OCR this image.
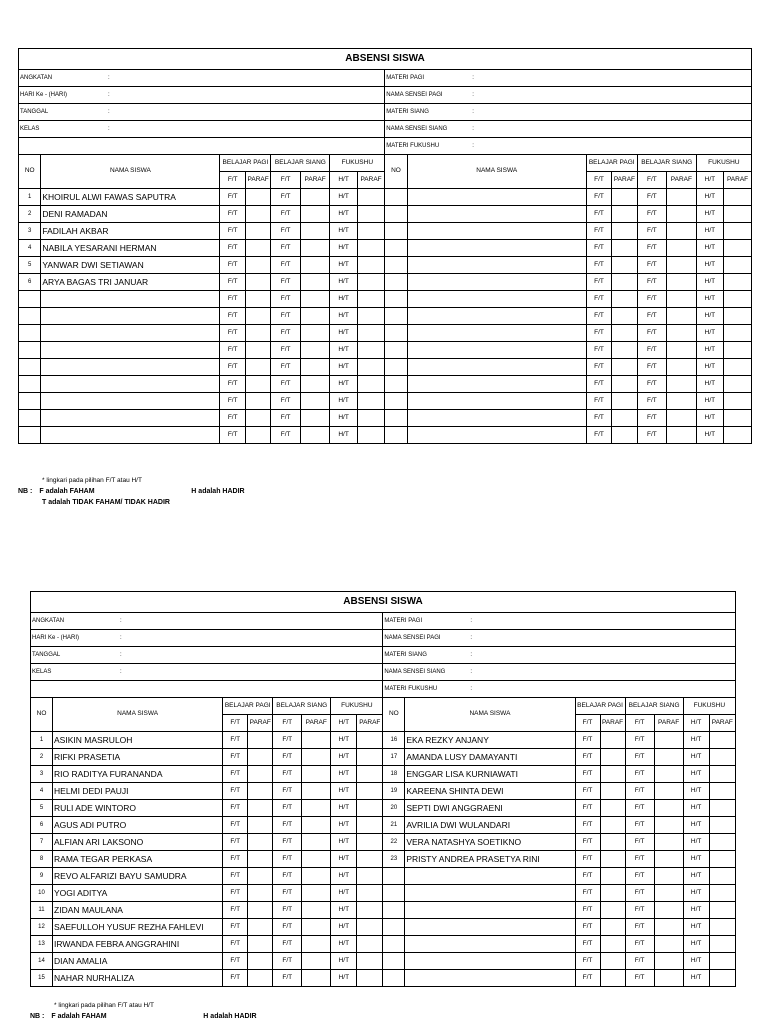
ABSENSI SISWA															
ANGKATAN :								MATERI PAGI :							
HARI Ke - (HARI) :								NAMA SENSEI PAGI :							
TANGGAL :								MATERI SIANG :							
KELAS :								NAMA SENSEI SIANG :							
								MATERI FUKUSHU :							
NO	NAMA SISWA	BELAJAR PAGI		BELAJAR SIANG		FUKUSHU		NO	NAMA SISWA	BELAJAR PAGI		BELAJAR SIANG		FUKUSHU	
		F/T	PARAF	F/T	PARAF	H/T	PARAF			F/T	PARAF	F/T	PARAF	H/T	PARAF
1	KHOIRUL ALWI FAWAS SAPUTRA	F/T		F/T		H/T				F/T		F/T		H/T	
2	DENI RAMADAN	F/T		F/T		H/T				F/T		F/T		H/T	
3	FADILAH AKBAR	F/T		F/T		H/T				F/T		F/T		H/T	
4	NABILA YESARANI HERMAN	F/T		F/T		H/T				F/T		F/T		H/T	
5	YANWAR DWI SETIAWAN	F/T		F/T		H/T				F/T		F/T		H/T	
6	ARYA BAGAS TRI JANUAR	F/T		F/T		H/T				F/T		F/T		H/T	
		F/T		F/T		H/T				F/T		F/T		H/T	
		F/T		F/T		H/T				F/T		F/T		H/T	
		F/T		F/T		H/T				F/T		F/T		H/T	
		F/T		F/T		H/T				F/T		F/T		H/T	
		F/T		F/T		H/T				F/T		F/T		H/T	
		F/T		F/T		H/T				F/T		F/T		H/T	
		F/T		F/T		H/T				F/T		F/T		H/T	
		F/T		F/T		H/T				F/T		F/T		H/T	
		F/T		F/T		H/T				F/T		F/T		H/T	
* lingkari pada pilihan F/T atau H/T
NB : F adalah FAHAM	H adalah HADIR
T adalah TIDAK FAHAM/ TIDAK HADIR
ABSENSI SISWA															
ANGKATAN :								MATERI PAGI :							
HARI Ke - (HARI) :								NAMA SENSEI PAGI :							
TANGGAL :								MATERI SIANG :							
KELAS :								NAMA SENSEI SIANG :							
								MATERI FUKUSHU :							
NO	NAMA SISWA	BELAJAR PAGI		BELAJAR SIANG		FUKUSHU		NO	NAMA SISWA	BELAJAR PAGI		BELAJAR SIANG		FUKUSHU	
		F/T	PARAF	F/T	PARAF	H/T	PARAF			F/T	PARAF	F/T	PARAF	H/T	PARAF
1	ASIKIN MASRULOH	F/T		F/T		H/T		16	EKA REZKY ANJANY	F/T		F/T		H/T	
2	RIFKI PRASETIA	F/T		F/T		H/T		17	AMANDA LUSY DAMAYANTI	F/T		F/T		H/T	
3	RIO RADITYA FURANANDA	F/T		F/T		H/T		18	ENGGAR LISA KURNIAWATI	F/T		F/T		H/T	
4	HELMI DEDI PAUJI	F/T		F/T		H/T		19	KAREENA SHINTA DEWI	F/T		F/T		H/T	
5	RULI ADE WINTORO	F/T		F/T		H/T		20	SEPTI DWI ANGGRAENI	F/T		F/T		H/T	
6	AGUS ADI PUTRO	F/T		F/T		H/T		21	AVRILIA DWI WULANDARI	F/T		F/T		H/T	
7	ALFIAN ARI LAKSONO	F/T		F/T		H/T		22	VERA NATASHYA SOETIKNO	F/T		F/T		H/T	
8	RAMA TEGAR PERKASA	F/T		F/T		H/T		23	PRISTY ANDREA PRASETYA RINI	F/T		F/T		H/T	
9	REVO ALFARIZI BAYU SAMUDRA	F/T		F/T		H/T				F/T		F/T		H/T	
10	YOGI ADITYA	F/T		F/T		H/T				F/T		F/T		H/T	
11	ZIDAN MAULANA	F/T		F/T		H/T				F/T		F/T		H/T	
12	SAEFULLOH YUSUF REZHA FAHLEVI	F/T		F/T		H/T				F/T		F/T		H/T	
13	IRWANDA FEBRA ANGGRAHINI	F/T		F/T		H/T				F/T		F/T		H/T	
14	DIAN AMALIA	F/T		F/T		H/T				F/T		F/T		H/T	
15	NAHAR NURHALIZA	F/T		F/T		H/T				F/T		F/T		H/T	
* lingkari pada pilihan F/T atau H/T
NB : F adalah FAHAM	H adalah HADIR
